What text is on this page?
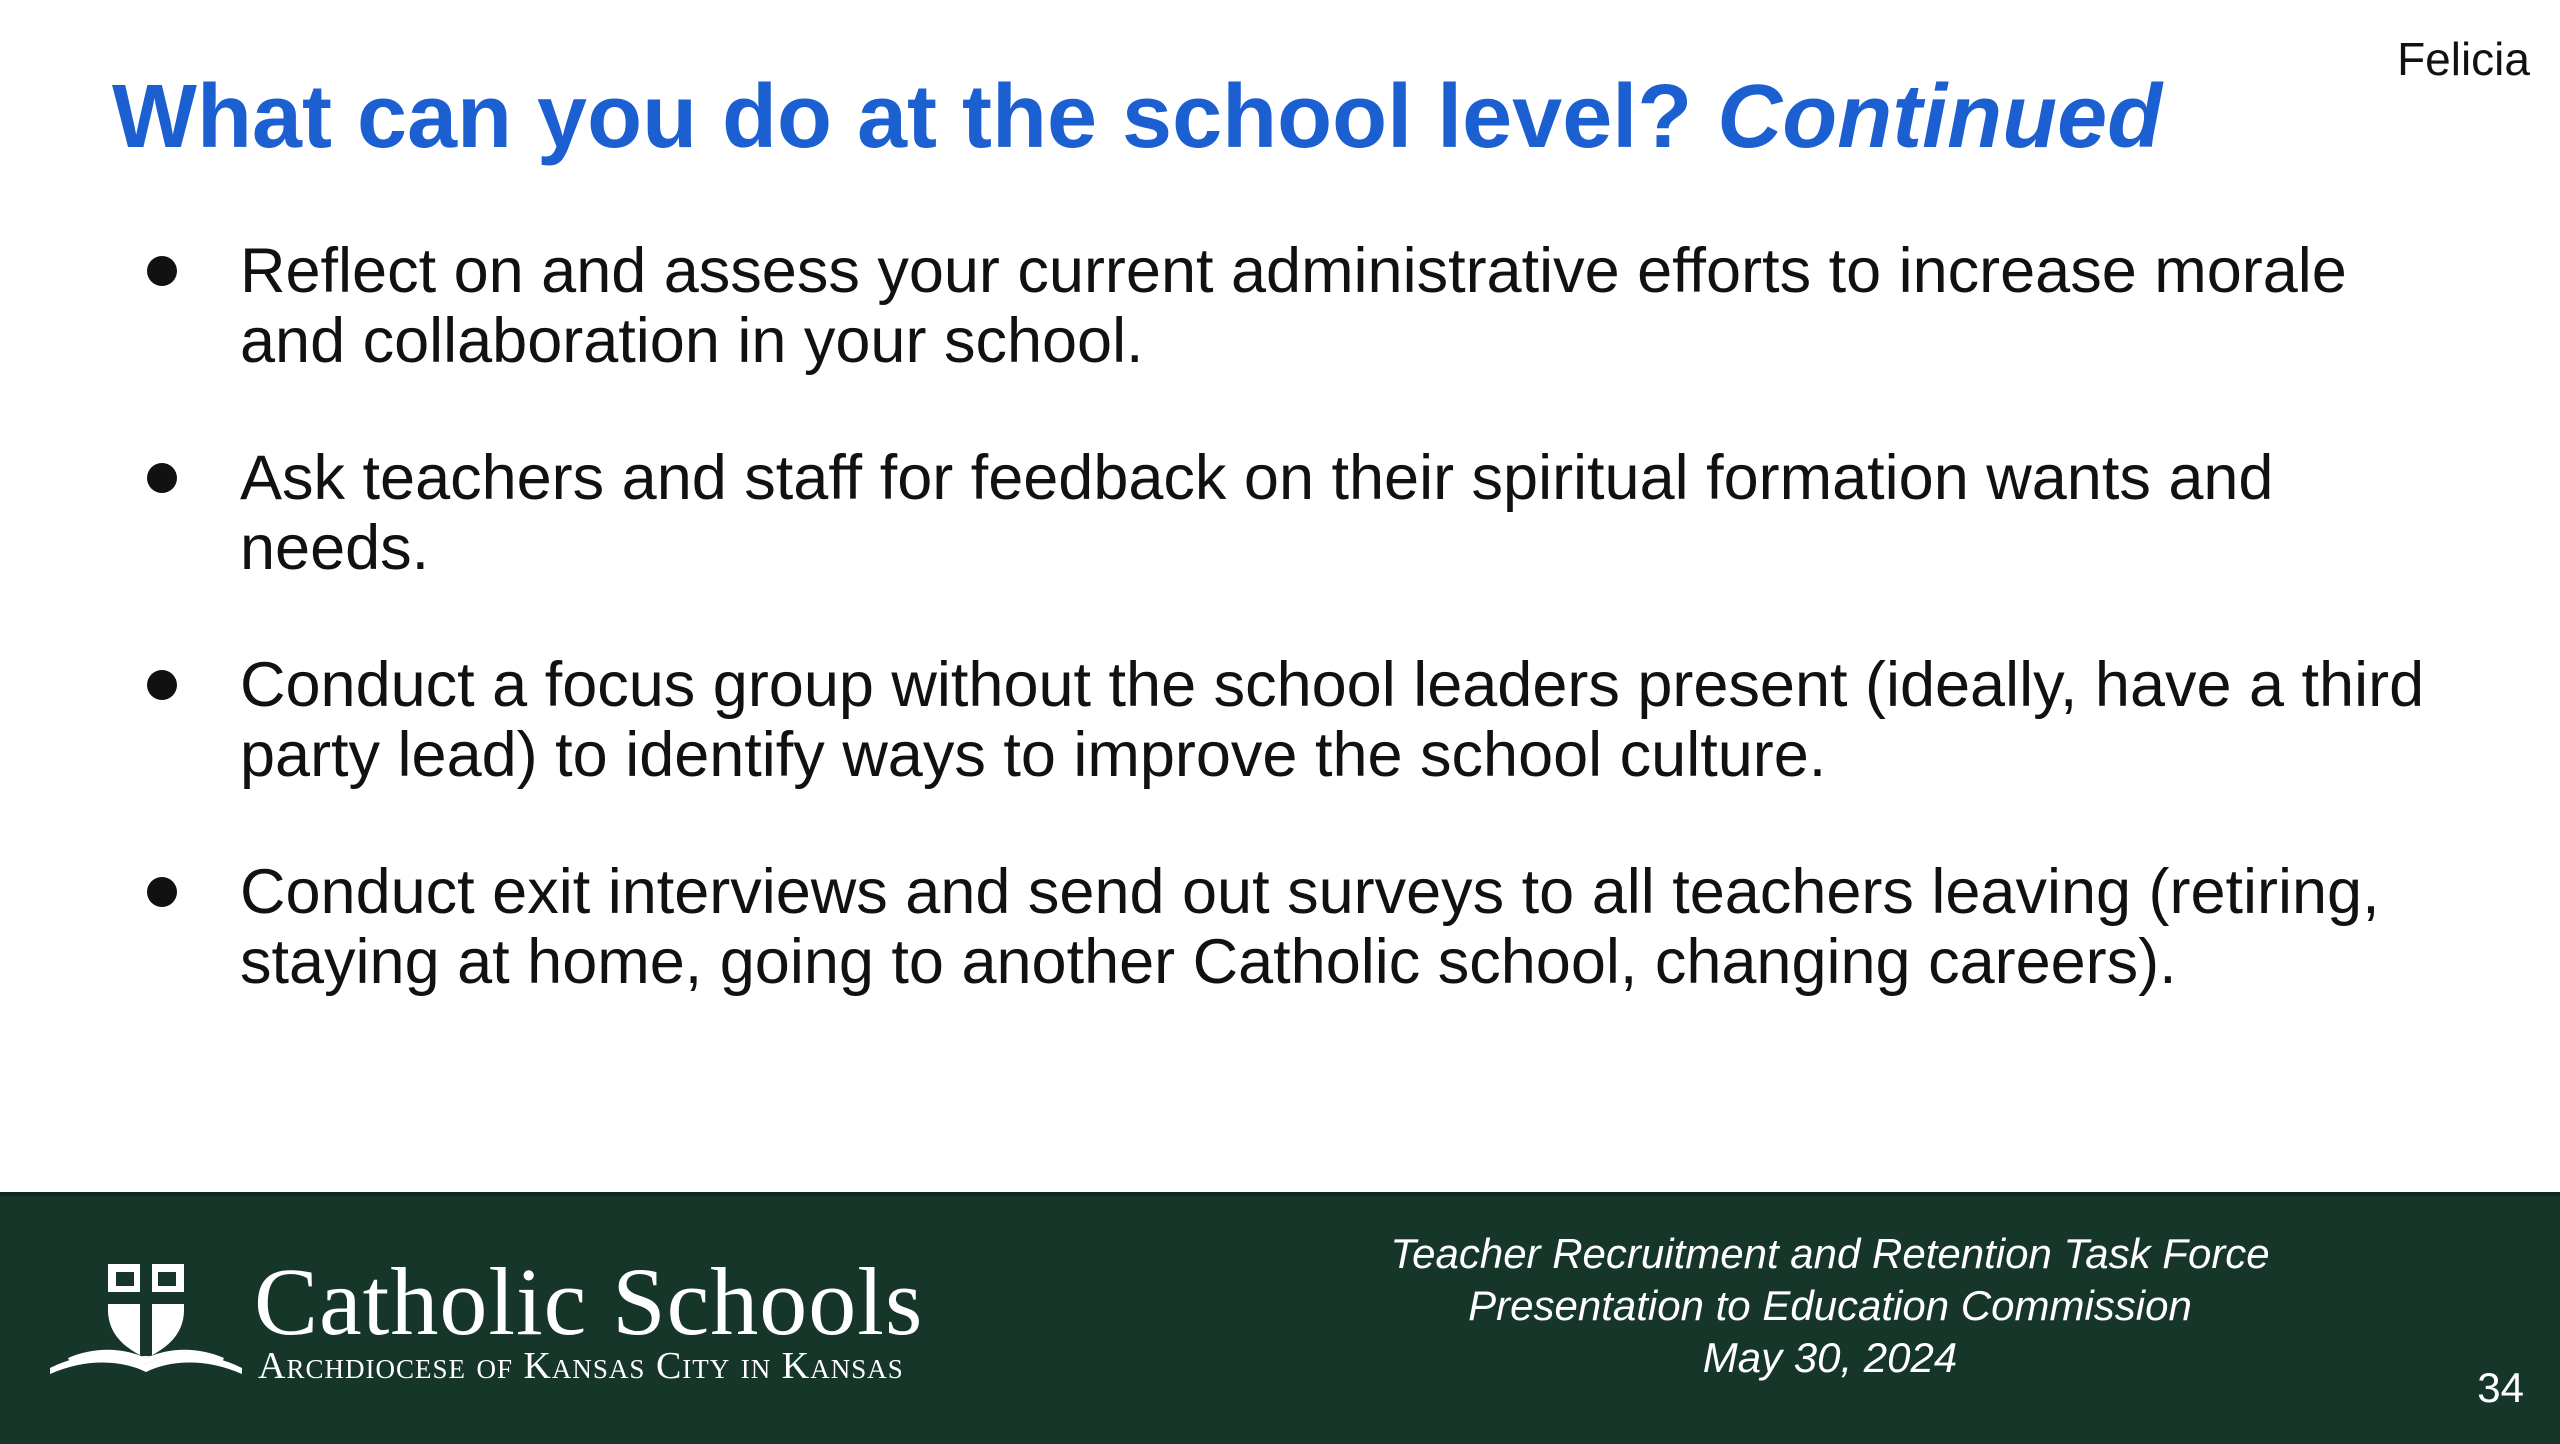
Felicia
What can you do at the school level? Continued
Reflect on and assess your current administrative efforts to increase morale and collaboration in your school.
Ask teachers and staff for feedback on their spiritual formation wants and needs.
Conduct a focus group without the school leaders present (ideally, have a third party lead) to identify ways to improve the school culture.
Conduct exit interviews and send out surveys to all teachers leaving (retiring, staying at home, going to another Catholic school, changing careers).
Catholic Schools
Archdiocese of Kansas City in Kansas
Teacher Recruitment and Retention Task Force
Presentation to Education Commission
May 30, 2024
34
